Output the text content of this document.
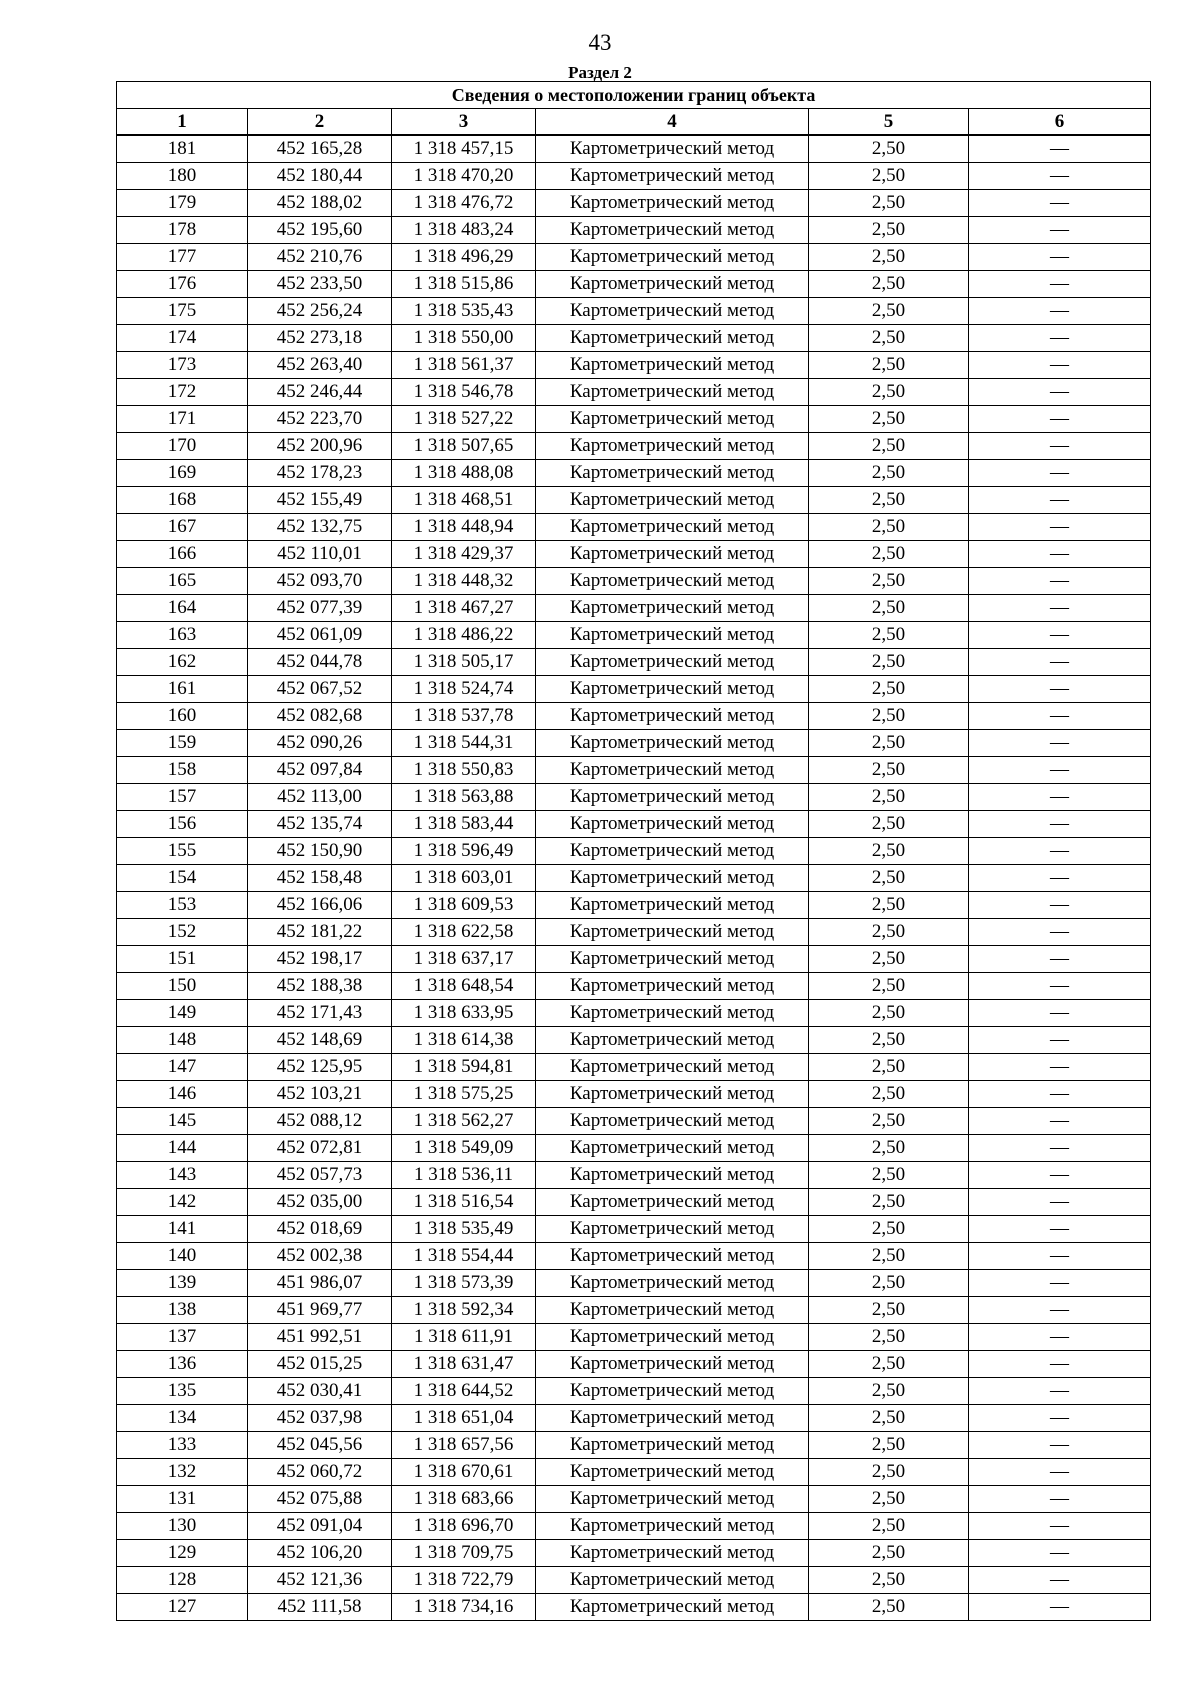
43
Раздел 2
Сведения о местоположении границ объекта					
1	2	3	4	5	6
181	452 165,28	1 318 457,15	Картометрический метод	2,50	—
180	452 180,44	1 318 470,20	Картометрический метод	2,50	—
179	452 188,02	1 318 476,72	Картометрический метод	2,50	—
178	452 195,60	1 318 483,24	Картометрический метод	2,50	—
177	452 210,76	1 318 496,29	Картометрический метод	2,50	—
176	452 233,50	1 318 515,86	Картометрический метод	2,50	—
175	452 256,24	1 318 535,43	Картометрический метод	2,50	—
174	452 273,18	1 318 550,00	Картометрический метод	2,50	—
173	452 263,40	1 318 561,37	Картометрический метод	2,50	—
172	452 246,44	1 318 546,78	Картометрический метод	2,50	—
171	452 223,70	1 318 527,22	Картометрический метод	2,50	—
170	452 200,96	1 318 507,65	Картометрический метод	2,50	—
169	452 178,23	1 318 488,08	Картометрический метод	2,50	—
168	452 155,49	1 318 468,51	Картометрический метод	2,50	—
167	452 132,75	1 318 448,94	Картометрический метод	2,50	—
166	452 110,01	1 318 429,37	Картометрический метод	2,50	—
165	452 093,70	1 318 448,32	Картометрический метод	2,50	—
164	452 077,39	1 318 467,27	Картометрический метод	2,50	—
163	452 061,09	1 318 486,22	Картометрический метод	2,50	—
162	452 044,78	1 318 505,17	Картометрический метод	2,50	—
161	452 067,52	1 318 524,74	Картометрический метод	2,50	—
160	452 082,68	1 318 537,78	Картометрический метод	2,50	—
159	452 090,26	1 318 544,31	Картометрический метод	2,50	—
158	452 097,84	1 318 550,83	Картометрический метод	2,50	—
157	452 113,00	1 318 563,88	Картометрический метод	2,50	—
156	452 135,74	1 318 583,44	Картометрический метод	2,50	—
155	452 150,90	1 318 596,49	Картометрический метод	2,50	—
154	452 158,48	1 318 603,01	Картометрический метод	2,50	—
153	452 166,06	1 318 609,53	Картометрический метод	2,50	—
152	452 181,22	1 318 622,58	Картометрический метод	2,50	—
151	452 198,17	1 318 637,17	Картометрический метод	2,50	—
150	452 188,38	1 318 648,54	Картометрический метод	2,50	—
149	452 171,43	1 318 633,95	Картометрический метод	2,50	—
148	452 148,69	1 318 614,38	Картометрический метод	2,50	—
147	452 125,95	1 318 594,81	Картометрический метод	2,50	—
146	452 103,21	1 318 575,25	Картометрический метод	2,50	—
145	452 088,12	1 318 562,27	Картометрический метод	2,50	—
144	452 072,81	1 318 549,09	Картометрический метод	2,50	—
143	452 057,73	1 318 536,11	Картометрический метод	2,50	—
142	452 035,00	1 318 516,54	Картометрический метод	2,50	—
141	452 018,69	1 318 535,49	Картометрический метод	2,50	—
140	452 002,38	1 318 554,44	Картометрический метод	2,50	—
139	451 986,07	1 318 573,39	Картометрический метод	2,50	—
138	451 969,77	1 318 592,34	Картометрический метод	2,50	—
137	451 992,51	1 318 611,91	Картометрический метод	2,50	—
136	452 015,25	1 318 631,47	Картометрический метод	2,50	—
135	452 030,41	1 318 644,52	Картометрический метод	2,50	—
134	452 037,98	1 318 651,04	Картометрический метод	2,50	—
133	452 045,56	1 318 657,56	Картометрический метод	2,50	—
132	452 060,72	1 318 670,61	Картометрический метод	2,50	—
131	452 075,88	1 318 683,66	Картометрический метод	2,50	—
130	452 091,04	1 318 696,70	Картометрический метод	2,50	—
129	452 106,20	1 318 709,75	Картометрический метод	2,50	—
128	452 121,36	1 318 722,79	Картометрический метод	2,50	—
127	452 111,58	1 318 734,16	Картометрический метод	2,50	—
